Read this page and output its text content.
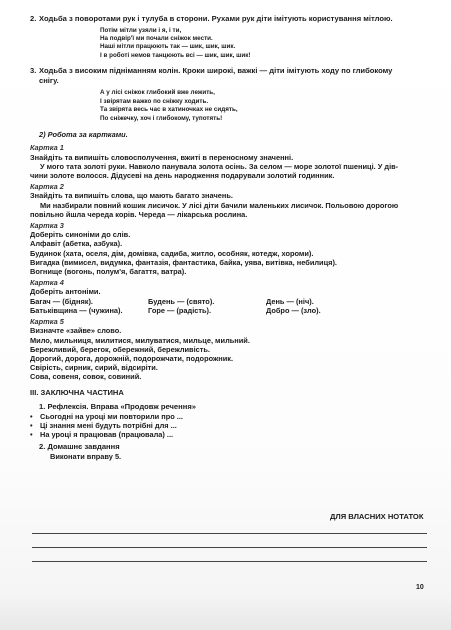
2. Ходьба з поворотами рук і тулуба в сторони. Рухами рук діти імітують користування мітлою.
Потім мітли узяли і я, і ти,
На подвір'ї ми почали сніжок мести.
Наші мітли працюють так — шик, шик, шик.
І в роботі немов танцюють всі — шик, шик, шик!
3. Ходьба з високим підніманням колін. Кроки широкі, важкі — діти імітують ходу по глибокому
снігу.
А у лісі сніжок глибокий вже лежить,
І звірятам важко по сніжку ходить.
Та звірята весь час в хатиночках не сидять,
По сніжечку, хоч і глибокому, тупотять!
2) Робота за картками.
Картка 1
Знайдіть та випишіть словосполучення, вжиті в переносному значенні.
У мого тата золоті руки. Навколо панувала золота осінь. За селом — море золотої пшениці. У дів-
чини золоте волосся. Дідусеві на день народження подарували золотий годинник.
Картка 2
Знайдіть та випишіть слова, що мають багато значень.
Ми назбирали повний кошик лисичок. У лісі діти бачили маленьких лисичок. Польовою дорогою
повільно йшла череда корів. Череда — лікарська рослина.
Картка 3
Доберіть синоніми до слів.
Алфавіт (абетка, азбука).
Будинок (хата, оселя, дім, домівка, садиба, житло, особняк, котедж, хороми).
Вигадка (вимисел, видумка, фантазія, фантастика, байка, уява, витівка, небилиця).
Вогнище (вогонь, полум'я, багаття, ватра).
Картка 4
Доберіть антоніми.
Багач — (бідняк).	Будень — (свято).	День — (ніч).
Батьківщина — (чужина).	Горе — (радість).	Добро — (зло).
Картка 5
Визначте «зайве» слово.
Мило, мильниця, милитися, милуватися, мильце, мильний.
Бережливий, берегок, обережний, бережливість.
Дорогий, дорога, дорожній, подорожчати, подорожник.
Свірість, сирник, сирий, відсиріти.
Сова, совеня, совок, совиний.
ІІІ. ЗАКЛЮЧНА ЧАСТИНА
1. Рефлексія. Вправа «Продовж речення»
• Сьогодні на уроці ми повторили про ...
• Ці знання мені будуть потрібні для ...
• На уроці я працював (працювала) ...
2. Домашнє завдання
Виконати вправу 5.
ДЛЯ ВЛАСНИХ НОТАТОК
10
